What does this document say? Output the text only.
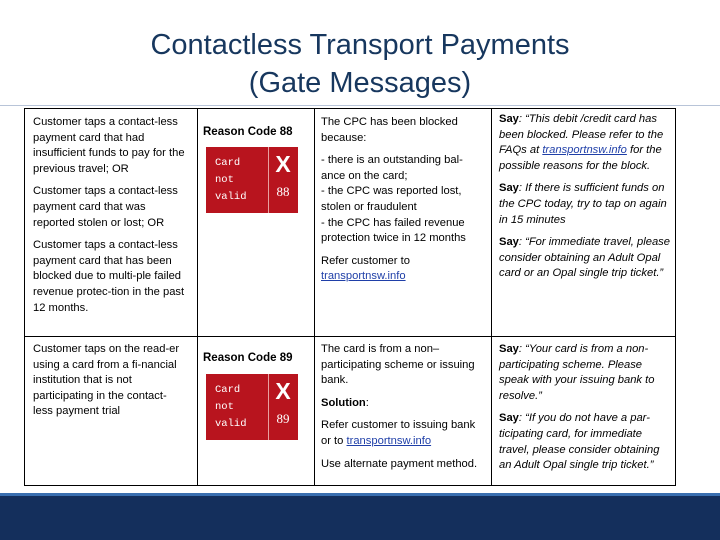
Contactless Transport Payments
(Gate Messages)

Customer taps a contact-less payment card that had insufficient funds to pay for the previous travel; OR

Customer taps a contact-less payment card that was reported stolen or lost; OR

Customer taps a contact-less payment card that has been blocked due to multi-ple failed revenue protec-tion in the past 12 months.

Reason Code 88
Card
not
valid
X
88

The CPC has been blocked because:

- there is an outstanding bal-ance on the card;

- the CPC was reported lost, stolen or fraudulent

- the CPC has failed revenue protection twice in 12 months

Refer customer to
transportnsw.info

Say: “This debit /credit card has been blocked. Please refer to the FAQs at transportnsw.info for the possible reasons for the block.

Say: If there is sufficient funds on the CPC today, try to tap on again in 15 minutes

Say: “For immediate travel, please consider obtaining an Adult Opal card or an Opal single trip ticket.”

Customer taps on the read-er using a card from a fi-nancial institution that is not participating in the contact-less payment trial

Reason Code 89
Card
not
valid
X
89

The card is from a non–participating scheme or issuing bank.

Solution:

Refer customer to issuing bank or to transportnsw.info

Use alternate payment method.

Say: “Your card is from a non-participating scheme. Please speak with your issuing bank to resolve.”

Say: “If you do not have a par-ticipating card, for immediate travel, please consider obtaining an Adult Opal single trip ticket.”
